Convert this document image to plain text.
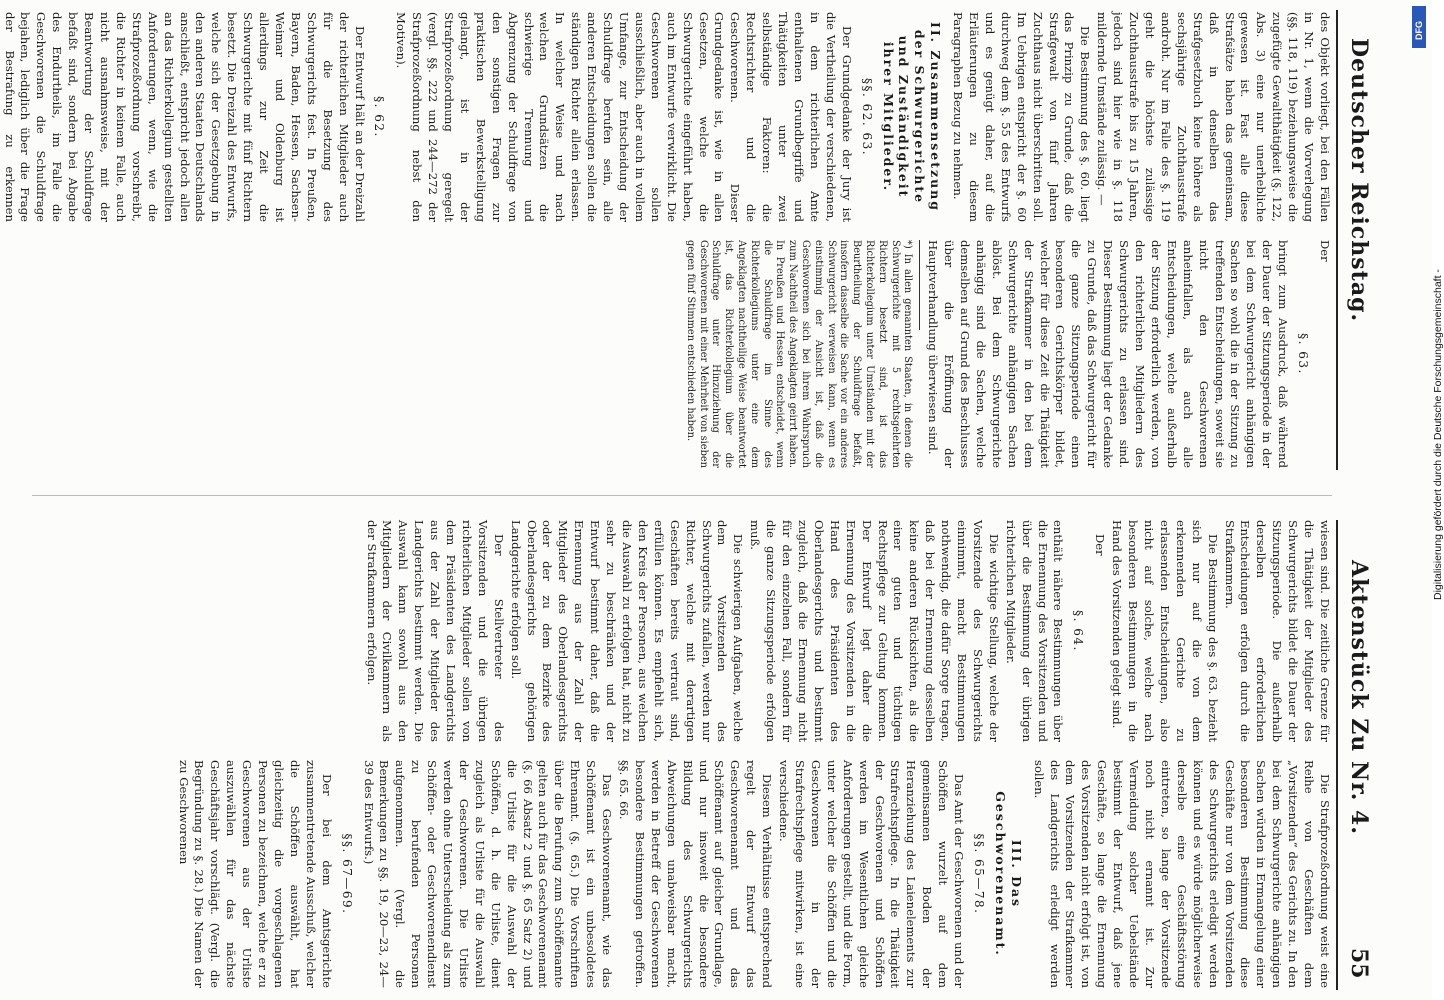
Deutscher Reichstag.
Aktenstück Zu Nr. 4.
55

des Objekt vorliegt, bei den Fällen in Nr. 1, wenn die Vorverlegung (§§. 118, 119) beziehungsweise die zugefügte Gewaltthätigkeit (§. 122, Abs. 3) eine nur unerhebliche gewesen ist. Fast alle diese Strafsätze haben das gemeinsam, daß in denselben das Strafgesetzbuch keine höhere als sechsjährige Zuchthausstrafe androht. Nur im Falle des §. 119 geht die höchste zulässige Zuchthausstrafe bis zu 15 Jahren, jedoch sind hier wie in §. 118 mildernde Umstände zulässig. —

Die Bestimmung des §. 60. liegt das Prinzip zu Grunde, daß die Strafgewalt von fünf Jahren Zuchthaus nicht überschritten soll. Im Uebrigen entspricht der §. 60 durchweg dem §. 55 des Entwurfs und es genügt daher, auf die Erläuterungen zu diesem Paragraphen Bezug zu nehmen.

II. Zusammensetzung der Schwurgerichte und Zuständigkeit ihrer Mitglieder.
§§. 62. 63.

Der Grundgedanke der Jury ist die Vertheilung der verschiedenen, in dem richterlichen Amte enthaltenen Grundbegriffe und Thätigkeiten unter zwei selbständige Faktoren: die Rechtsrichter und die Geschworenen. Dieser Grundgedanke ist, wie in allen Gesetzen, welche die Schwurgerichte eingeführt haben, auch im Entwurfe verwirklicht. Die Geschworenen sollen ausschließlich, aber auch in vollem Umfange, zur Entscheidung der Schuldfrage berufen sein, alle anderen Entscheidungen sollen die ständigen Richter allein erlassen. In welcher Weise und nach welchen Grundsätzen die schwierige Trennung und Abgrenzung der Schuldfrage von den sonstigen Fragen zur praktischen Bewerkstelligung gelangt, ist in der Strafprozeßordnung geregelt (vergl. §§. 222 und 244—272 der Strafprozeßordnung nebst den Motiven).

§. 62.

Der Entwurf hält an der Dreizahl der richterlichen Mitglieder auch für die Besetzung des Schwurgerichts fest. In Preußen, Bayern, Baden, Hessen, Sachsen-Weimar und Oldenburg ist allerdings zur Zeit die Schwurgerichte mit fünf Richtern besetzt. Die Dreizahl des Entwurfs, welche sich der Gesetzgebung in den anderen Staaten Deutschlands anschließt, entspricht jedoch allen an das Richterkollegium gestellten Anforderungen, wenn, wie die Strafprozeßordnung vorschreibt, die Richter in keinem Falle, auch nicht ausnahmsweise, mit der Beantwortung der Schuldfrage befaßt sind, sondern bei Abgabe des Endurtheils, im Falle die Geschworenen die Schuldfrage bejahen, lediglich über die Frage der Bestrafung zu erkennen

Der

§. 63.

bringt zum Ausdruck, daß während der Dauer der Sitzungsperiode in der bei dem Schwurgericht anhängigen Sachen so wohl die in der Sitzung zu treffenden Entscheidungen, soweit sie nicht den Geschworenen anheimfallen, als auch alle Entscheidungen, welche außerhalb der Sitzung erforderlich werden, von den richterlichen Mitgliedern des Schwurgerichts zu erlassen sind. Dieser Bestimmung liegt der Gedanke zu Grunde, daß das Schwurgericht für die ganze Sitzungsperiode einen besonderen Gerichtskörper bildet, welcher für diese Zeit die Thätigkeit der Strafkammer in den bei dem Schwurgerichte anhängigen Sachen ablöst. Bei dem Schwurgerichte anhängig sind die Sachen, welche demselben auf Grund des Beschlusses über die Eröffnung der Hauptverhandlung überwiesen sind.

*) In allen genannten Staaten, in denen die Schwurgerichte mit 5 rechtsgelehrten Richtern besetzt sind, ist das Richterkollegium unter Umständen mit der Beurtheilung der Schuldfrage befaßt, insofern dasselbe die Sache vor ein anderes Schwurgericht verweisen kann, wenn es einstimmig der Ansicht ist, daß die Geschworenen sich bei ihrem Wahrspruch zum Nachtheil des Angeklagten geirrt haben. In Preußen und Hessen entscheidet, wenn die Schuldfrage im Sinne des Richterkollegiums unter eine dem Angeklagten nachtheilige Weise beantwortet ist, das Richterkollegium über die Schuldfrage unter Hinzuziehung der Geschworenen mit einer Mehrheit von sieben gegen fünf Stimmen entschieden haben.

wiesen sind. Die zeitliche Grenze für die Thätigkeit der Mitglieder des Schwurgerichts bildet die Dauer der Sitzungsperiode. Die außerhalb derselben erforderlichen Entscheidungen erfolgen durch die Strafkammern.

Die Bestimmung des §. 63. bezieht sich nur auf die von dem erkennenden Gerichte zu erlassenden Entscheidungen, also nicht auf solche, welche nach besonderen Bestimmungen in die Hand des Vorsitzenden gelegt sind.

Der

§. 64.

enthält nähere Bestimmungen über die Ernennung des Vorsitzenden und über die Bestimmung der übrigen richterlichen Mitglieder.

Die wichtige Stellung, welche der Vorsitzende des Schwurgerichts einnimmt, macht Bestimmungen nothwendig, die dafür Sorge tragen, daß bei der Ernennung desselben keine anderen Rücksichten, als die einer guten und tüchtigen Rechtspflege zur Geltung kommen. Der Entwurf legt daher die Ernennung des Vorsitzenden in die Hand des Präsidenten des Oberlandesgerichts und bestimmt zugleich, daß die Ernennung nicht für den einzelnen Fall, sondern für die ganze Sitzungsperiode erfolgen muß.

Die schwierigen Aufgaben, welche dem Vorsitzenden des Schwurgerichts zufallen, werden nur Richter, welche mit derartigen Geschäften bereits vertraut sind, erfüllen können. Es empfiehlt sich, den Kreis der Personen, aus welchen die Auswahl zu erfolgen hat, nicht zu sehr zu beschränken und der Entwurf bestimmt daher, daß die Ernennung aus der Zahl der Mitglieder des Oberlandesgerichts oder der zu dem Bezirke des Oberlandesgerichts gehörigen Landgerichte erfolgen soll.

Der Stellvertreter des Vorsitzenden und die übrigen richterlichen Mitglieder sollen von dem Präsidenten des Landgerichts aus der Zahl der Mitglieder des Landgerichts bestimmt werden. Die Auswahl kann sowohl aus den Mitgliedern der Civilkammern als der Strafkammern erfolgen.

Die Strafprozeßordnung weist eine Reihe von Geschäften dem „Vorsitzenden“ des Gerichts zu. In den bei dem Schwurgerichte anhängigen Sachen würden in Ermangelung einer besonderen Bestimmung diese Geschäfte nur von dem Vorsitzenden des Schwurgerichts erledigt werden können und es würde möglicherweise derselbe eine Geschäftsstörung eintreten, so lange der Vorsitzende noch nicht ernannt ist. Zur Vermeidung solcher Uebelstände bestimmt der Entwurf, daß jene Geschäfte, so lange die Ernennung des Vorsitzenden nicht erfolgt ist, von dem Vorsitzenden der Strafkammer des Landgerichts erledigt werden sollen.

III. Das Geschworenenamt.
§§. 65—78.

Das Amt der Geschworenen und der Schöffen wurzelt auf dem gemeinsamen Boden der Heranziehung des Laienelements zur Strafrechtspflege. In die Thätigkeit der Geschworenen und Schöffen werden im Wesentlichen gleiche Anforderungen gestellt, und die Form, unter welcher die Schöffen und die Geschworenen in der Strafrechtspflege mitwirken, ist eine verschiedene.

Diesem Verhältnisse entsprechend regelt der Entwurf das Geschworenenamt und das Schöffenamt auf gleicher Grundlage, und nur insoweit die besondere Bildung des Schwurgerichts Abweichungen unabweisbar macht, werden in Betreff der Geschworenen besondere Bestimmungen getroffen. §§. 65. 66.

Das Geschworenenamt, wie das Schöffenamt ist ein unbesoldetes Ehrenamt. (§. 65.) Die Vorschriften über die Berufung zum Schöffenamte gelten auch für das Geschworenenamt (§. 66 Absatz 2 und §. 65 Satz 2) und die Urliste für die Auswahl der Schöffen, d. h. die Urliste, dient zugleich als Urliste für die Auswahl der Geschworenen. Die Urliste werden ohne Unterscheidung als zum Schöffen- oder Geschworenendienst zu berufenden Personen aufgenommen. (Vergl. die Bemerkungen zu §§. 19, 20—23, 24—39 des Entwurfs.)

§§. 67—69.

Der bei dem Amtsgerichte zusammentretende Ausschuß, welcher die Schöffen auswählt, hat gleichzeitig die vorgeschlagenen Personen zu bezeichnen, welche er zu Geschworenen aus der Urliste auszuwählen für das nächste Geschäftsjahr vorschlägt. (Vergl. die Begründung zu §. 28.) Die Namen der zu Geschworenen

Digitalisierung gefördert durch die Deutsche Forschungsgemeinschaft -
DFG
